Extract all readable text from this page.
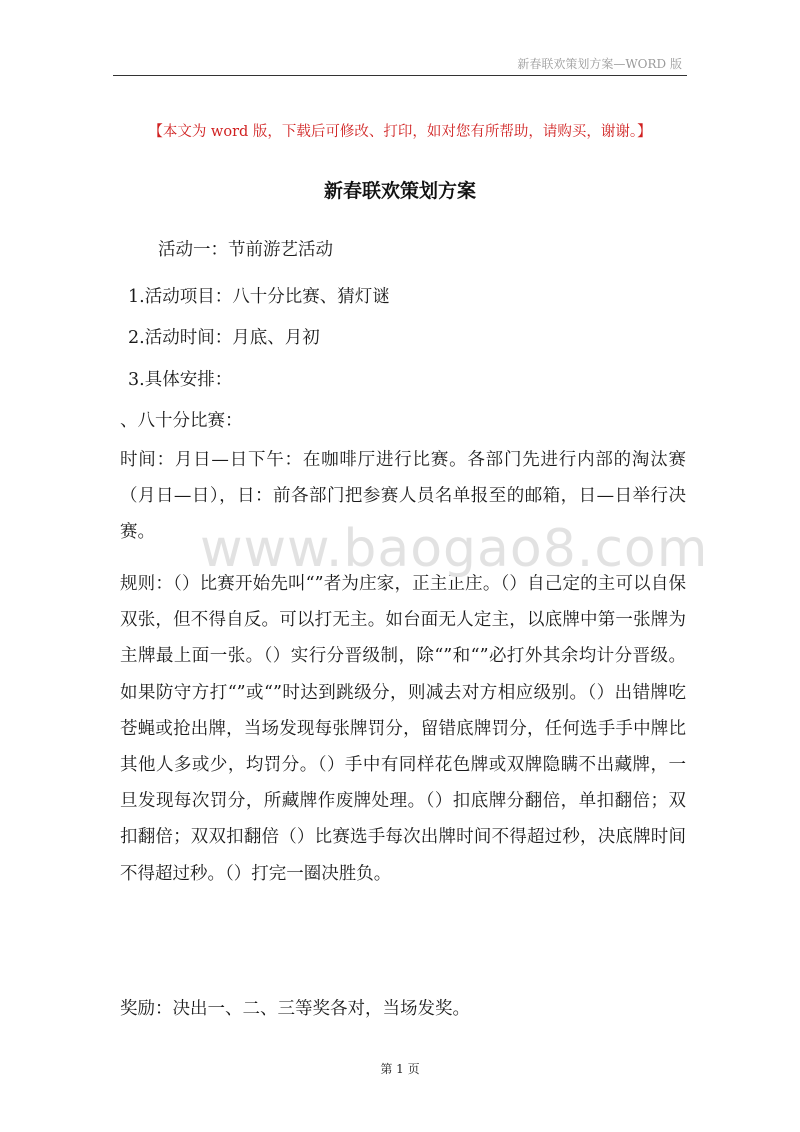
新春联欢策划方案—WORD 版
【本文为 word 版，下载后可修改、打印，如对您有所帮助，请购买，谢谢。】
新春联欢策划方案
活动一：节前游艺活动
1.活动项目：八十分比赛、猜灯谜
2.活动时间：月底、月初
3.具体安排：
、八十分比赛：
时间：月日—日下午：在咖啡厅进行比赛。各部门先进行内部的淘汰赛（月日—日），日：前各部门把参赛人员名单报至的邮箱，日—日举行决赛。
规则：（）比赛开始先叫“”者为庄家，正主正庄。（）自己定的主可以自保双张，但不得自反。可以打无主。如台面无人定主，以底牌中第一张牌为主牌最上面一张。（）实行分晋级制，除“”和“”必打外其余均计分晋级。如果防守方打“”或“”时达到跳级分，则减去对方相应级别。（）出错牌吃苍蝇或抢出牌，当场发现每张牌罚分，留错底牌罚分，任何选手手中牌比其他人多或少，均罚分。（）手中有同样花色牌或双牌隐瞒不出藏牌，一旦发现每次罚分，所藏牌作废牌处理。（）扣底牌分翻倍，单扣翻倍；双扣翻倍；双双扣翻倍（）比赛选手每次出牌时间不得超过秒，决底牌时间不得超过秒。（）打完一圈决胜负。
奖励：决出一、二、三等奖各对，当场发奖。
www.baogao8.com
第 1 页
